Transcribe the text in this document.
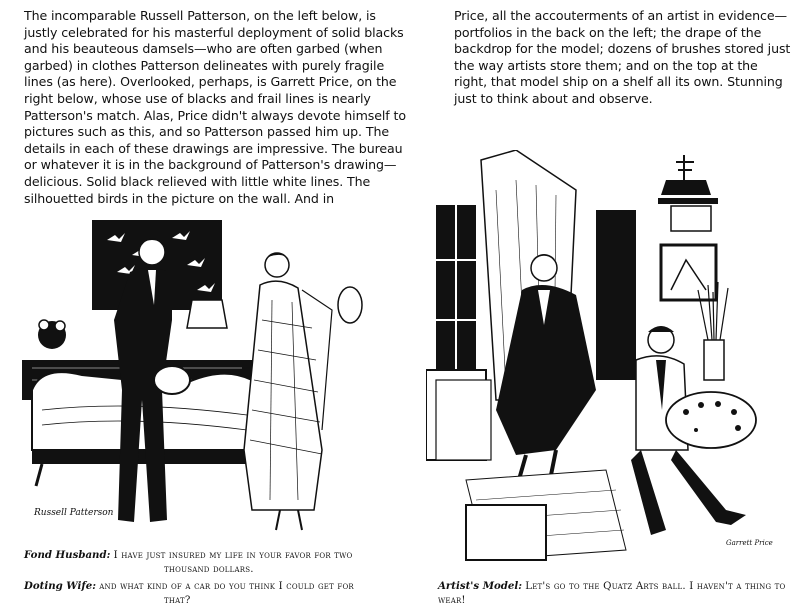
The incomparable Russell Patterson, on the left below, is justly celebrated for his masterful deployment of solid blacks and his beauteous damsels—who are often garbed (when garbed) in clothes Patterson delineates with purely fragile lines (as here). Overlooked, perhaps, is Garrett Price, on the right below, whose use of blacks and frail lines is nearly Patterson's match. Alas, Price didn't always devote himself to pictures such as this, and so Patterson passed him up. The details in each of these drawings are impressive. The bureau or whatever it is in the background of Patterson's drawing— delicious. Solid black relieved with little white lines. The silhouetted birds in the picture on the wall. And in

Russell Patterson
Fond Husband: I have just insured my life in your favor for two
thousand dollars.
Doting Wife: and what kind of a car do you think I could get for
that?

Price, all the accouterments of an artist in evidence— portfolios in the back on the left; the drape of the backdrop for the model; dozens of brushes stored just the way artists store them; and on the top at the right, that model ship on a shelf all its own. Stunning just to think about and observe.

Garrett Price
Artist's Model: Let's go to the Quatz Arts ball. I haven't a thing to wear!
